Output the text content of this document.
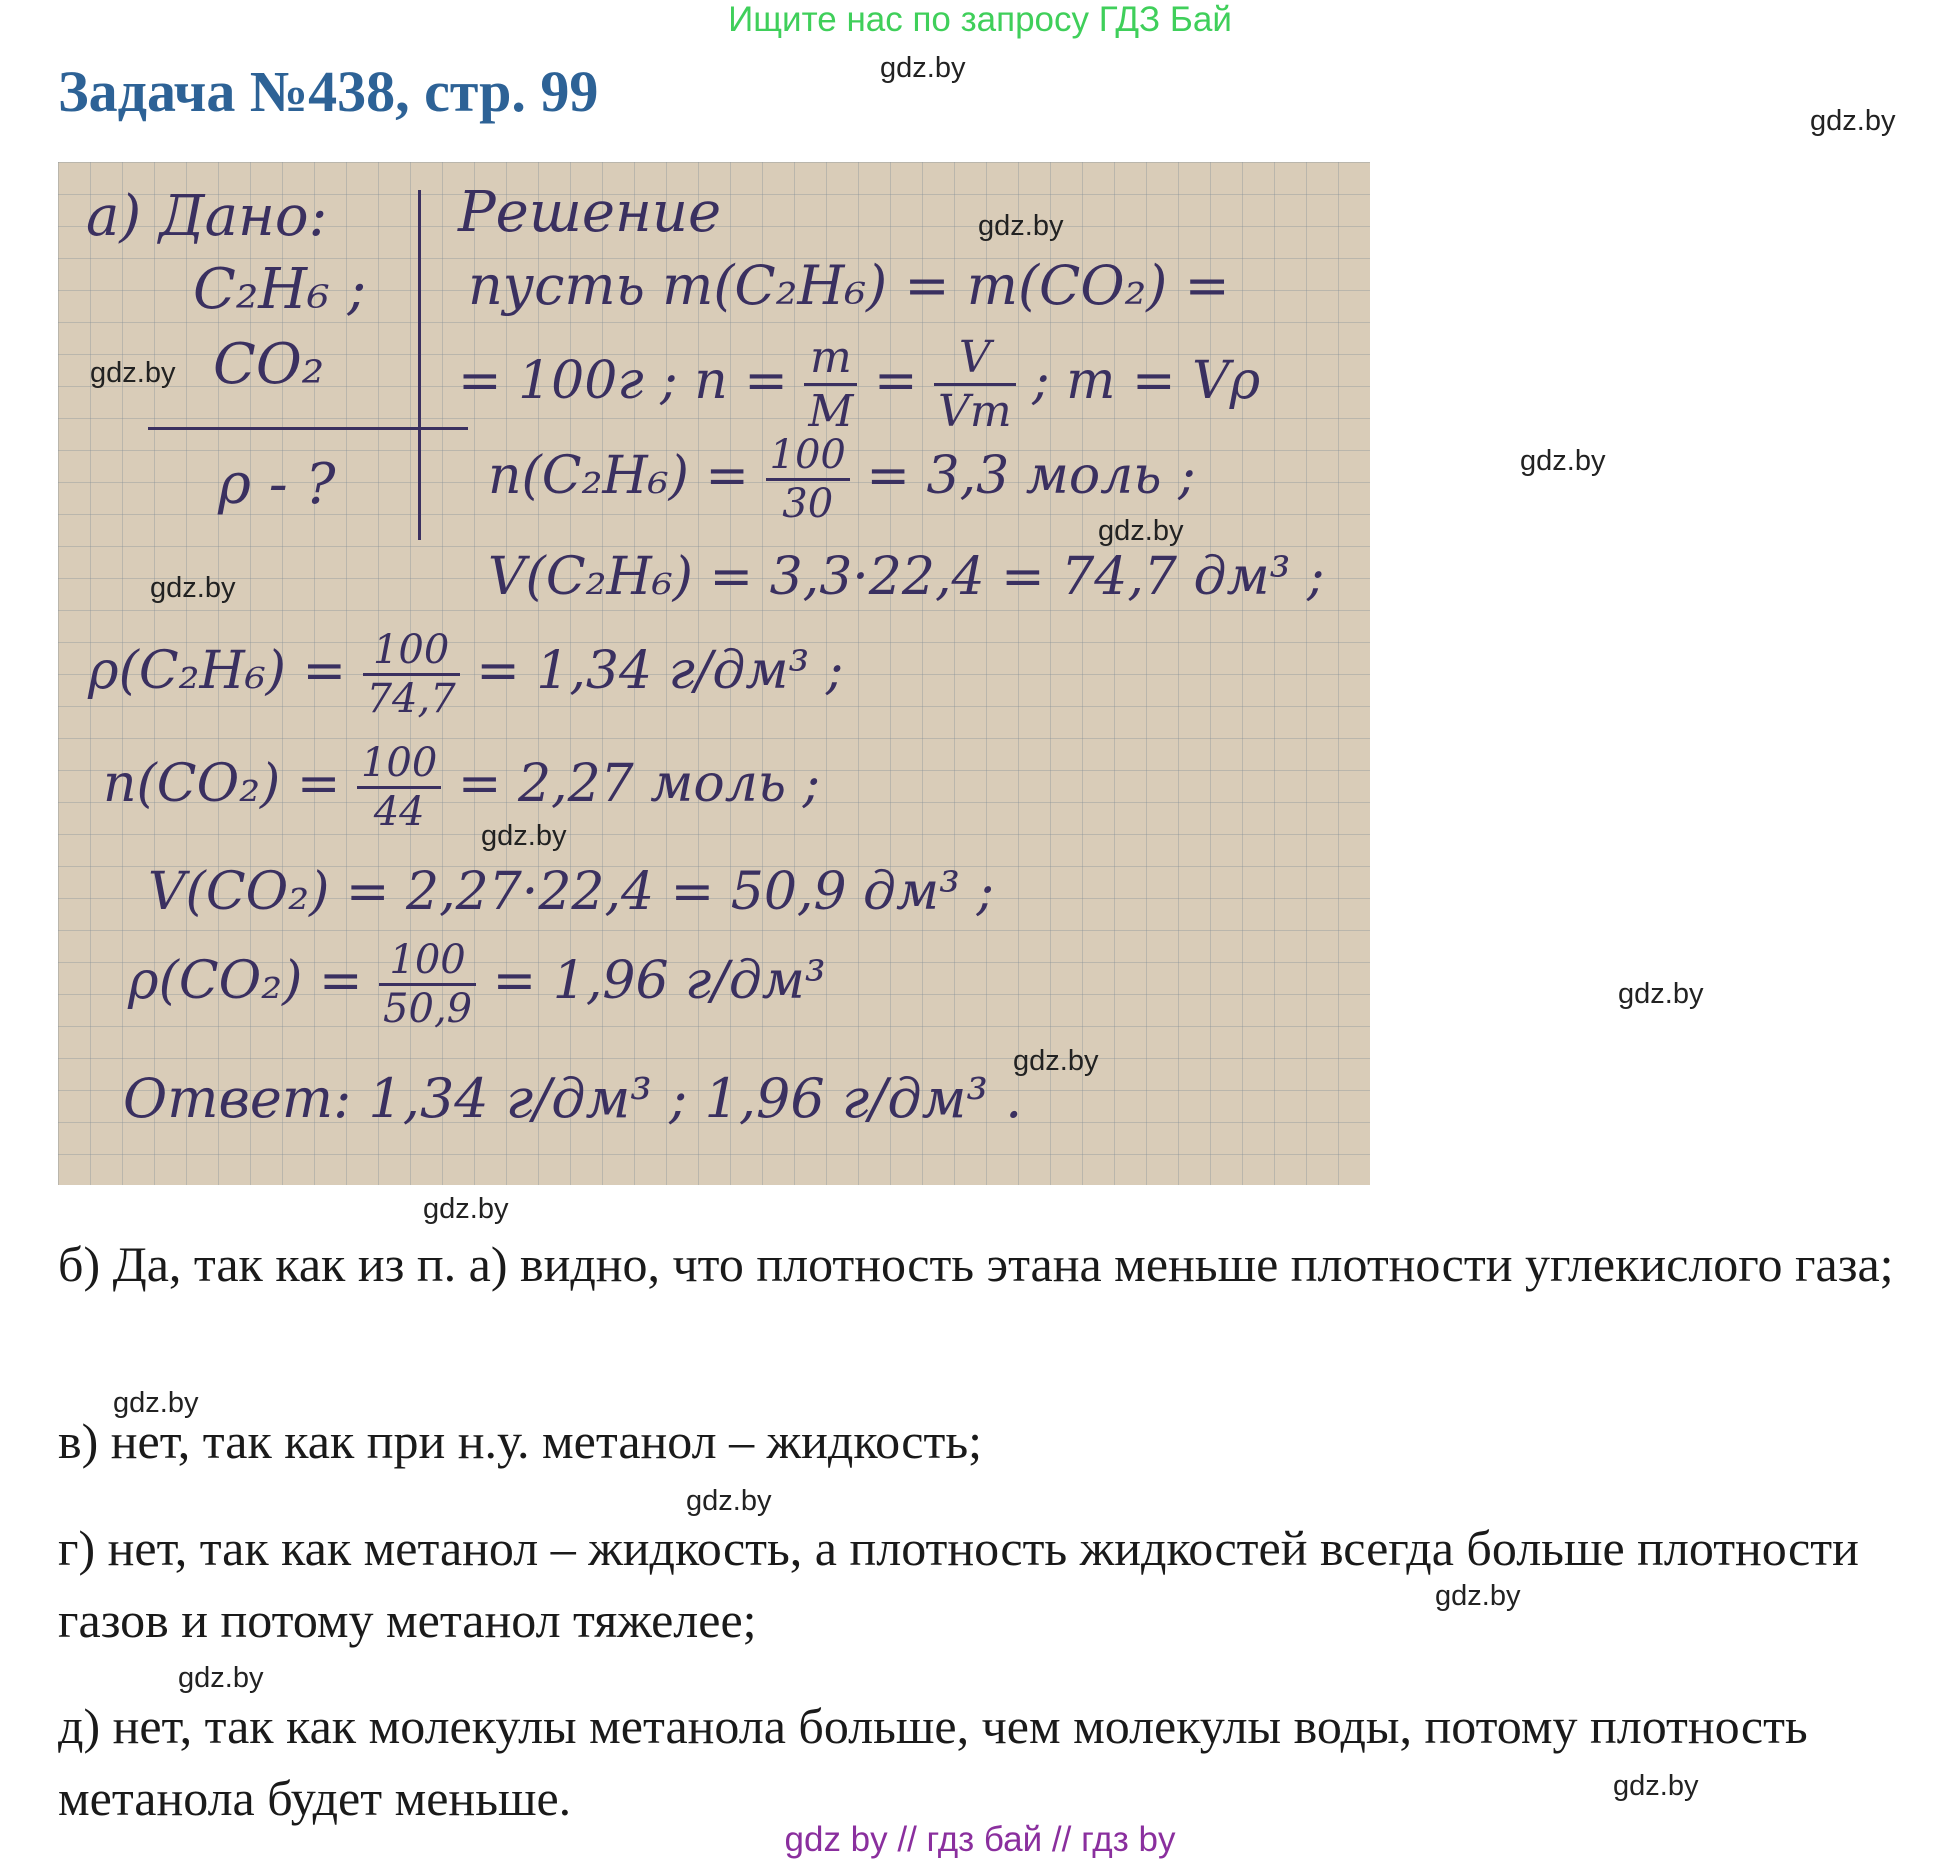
Ищите нас по запросу ГДЗ Бай
Задача №438, стр. 99	gdz.by
gdz.by
gdz.by
gdz.by
gdz.by
gdz.by
gdz.by
gdz.by
gdz.by
gdz.by
а) Дано:
C₂H₆ ;
CO₂
ρ - ?
Решение
пусть m(C₂H₆) = m(CO₂) =
= 100г ; $n = \frac{m}{M} = \frac{V}{Vm}$ ; m = Vρ
$n(C_2H_6) = \frac{100}{30} = 3,3$ моль ;
V(C₂H₆) = 3,3·22,4 = 74,7 дм³ ;
$\rho(C_2H_6) = \frac{100}{74,7} = 1,34$ г/дм³ ;
$n(CO_2) = \frac{100}{44} = 2,27$ моль ;
V(CO₂) = 2,27·22,4 = 50,9 дм³ ;
$\rho(CO_2) = \frac{100}{50,9} = 1,96$ г/дм³
Ответ: 1,34 г/дм³ ; 1,96 г/дм³ .
gdz.by
gdz.by
gdz.by
gdz.by
gdz.by
gdz.by
б) Да, так как из п. а) видно, что плотность этана меньше плотности углекислого газа;
в) нет, так как при н.у. метанол – жидкость;
г) нет, так как метанол – жидкость, а плотность жидкостей всегда больше плотности газов и потому метанол тяжелее;
д) нет, так как молекулы метанола больше, чем молекулы воды, потому плотность метанола будет меньше.
gdz by // гдз бай // гдз by
